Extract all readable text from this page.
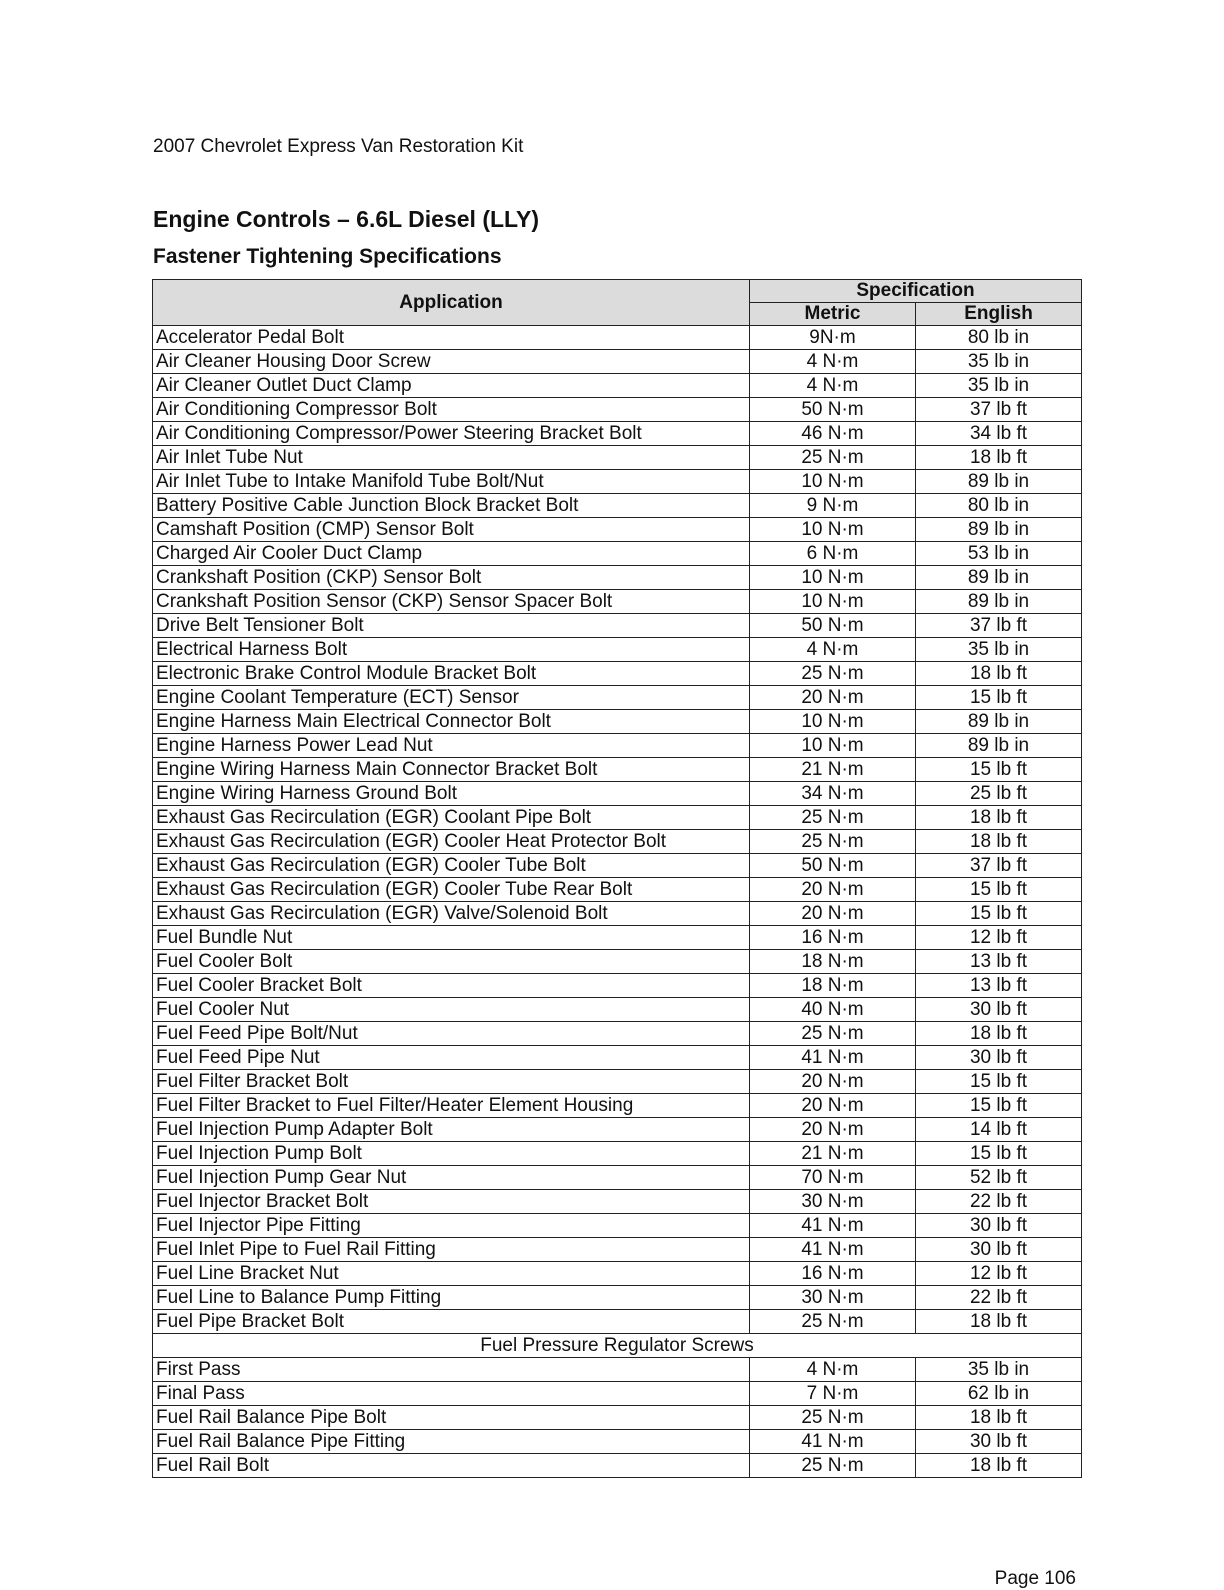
2007 Chevrolet Express Van Restoration Kit
Engine Controls – 6.6L Diesel (LLY)
Fastener Tightening Specifications
Application	Specification	
	Metric	English
Accelerator Pedal Bolt	9N·m	80 lb in
Air Cleaner Housing Door Screw	4 N·m	35 lb in
Air Cleaner Outlet Duct Clamp	4 N·m	35 lb in
Air Conditioning Compressor Bolt	50 N·m	37 lb ft
Air Conditioning Compressor/Power Steering Bracket Bolt	46 N·m	34 lb ft
Air Inlet Tube Nut	25 N·m	18 lb ft
Air Inlet Tube to Intake Manifold Tube Bolt/Nut	10 N·m	89 lb in
Battery Positive Cable Junction Block Bracket Bolt	9 N·m	80 lb in
Camshaft Position (CMP) Sensor Bolt	10 N·m	89 lb in
Charged Air Cooler Duct Clamp	6 N·m	53 lb in
Crankshaft Position (CKP) Sensor Bolt	10 N·m	89 lb in
Crankshaft Position Sensor (CKP) Sensor Spacer Bolt	10 N·m	89 lb in
Drive Belt Tensioner Bolt	50 N·m	37 lb ft
Electrical Harness Bolt	4 N·m	35 lb in
Electronic Brake Control Module Bracket Bolt	25 N·m	18 lb ft
Engine Coolant Temperature (ECT) Sensor	20 N·m	15 lb ft
Engine Harness Main Electrical Connector Bolt	10 N·m	89 lb in
Engine Harness Power Lead Nut	10 N·m	89 lb in
Engine Wiring Harness Main Connector Bracket Bolt	21 N·m	15 lb ft
Engine Wiring Harness Ground Bolt	34 N·m	25 lb ft
Exhaust Gas Recirculation (EGR) Coolant Pipe Bolt	25 N·m	18 lb ft
Exhaust Gas Recirculation (EGR) Cooler Heat Protector Bolt	25 N·m	18 lb ft
Exhaust Gas Recirculation (EGR) Cooler Tube Bolt	50 N·m	37 lb ft
Exhaust Gas Recirculation (EGR) Cooler Tube Rear Bolt	20 N·m	15 lb ft
Exhaust Gas Recirculation (EGR) Valve/Solenoid Bolt	20 N·m	15 lb ft
Fuel Bundle Nut	16 N·m	12 lb ft
Fuel Cooler Bolt	18 N·m	13 lb ft
Fuel Cooler Bracket Bolt	18 N·m	13 lb ft
Fuel Cooler Nut	40 N·m	30 lb ft
Fuel Feed Pipe Bolt/Nut	25 N·m	18 lb ft
Fuel Feed Pipe Nut	41 N·m	30 lb ft
Fuel Filter Bracket Bolt	20 N·m	15 lb ft
Fuel Filter Bracket to Fuel Filter/Heater Element Housing	20 N·m	15 lb ft
Fuel Injection Pump Adapter Bolt	20 N·m	14 lb ft
Fuel Injection Pump Bolt	21 N·m	15 lb ft
Fuel Injection Pump Gear Nut	70 N·m	52 lb ft
Fuel Injector Bracket Bolt	30 N·m	22 lb ft
Fuel Injector Pipe Fitting	41 N·m	30 lb ft
Fuel Inlet Pipe to Fuel Rail Fitting	41 N·m	30 lb ft
Fuel Line Bracket Nut	16 N·m	12 lb ft
Fuel Line to Balance Pump Fitting	30 N·m	22 lb ft
Fuel Pipe Bracket Bolt	25 N·m	18 lb ft
Fuel Pressure Regulator Screws		
First Pass	4 N·m	35 lb in
Final Pass	7 N·m	62 lb in
Fuel Rail Balance Pipe Bolt	25 N·m	18 lb ft
Fuel Rail Balance Pipe Fitting	41 N·m	30 lb ft
Fuel Rail Bolt	25 N·m	18 lb ft
Page 106
